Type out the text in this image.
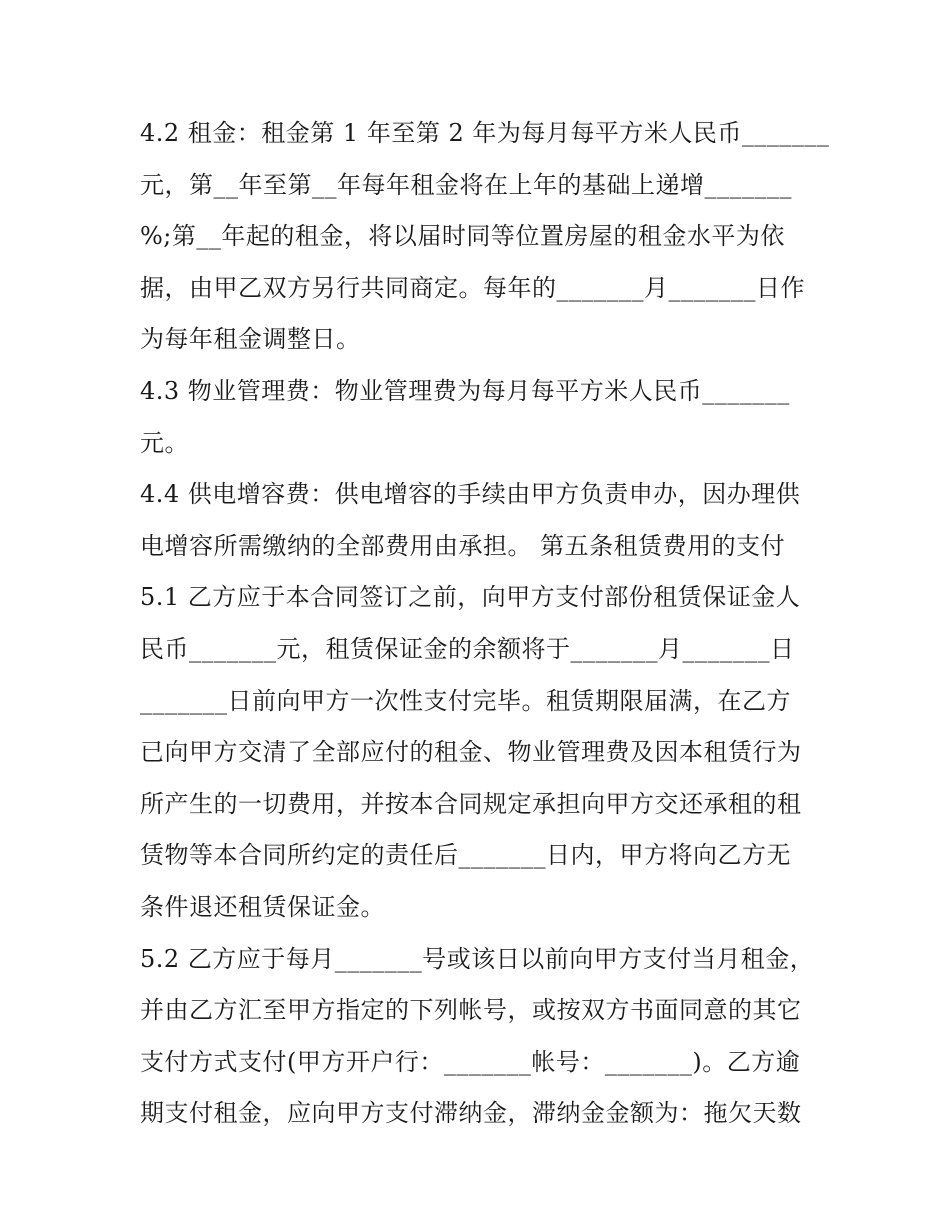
4.2 租金：租金第 1 年至第 2 年为每月每平方米人民币_______
元，第__年至第__年每年租金将在上年的基础上递增_______
%;第__年起的租金，将以届时同等位置房屋的租金水平为依
据，由甲乙双方另行共同商定。每年的_______月_______日作
为每年租金调整日。
4.3 物业管理费：物业管理费为每月每平方米人民币_______
元。
4.4 供电增容费：供电增容的手续由甲方负责申办，因办理供
电增容所需缴纳的全部费用由承担。 第五条租赁费用的支付
5.1 乙方应于本合同签订之前，向甲方支付部份租赁保证金人
民币_______元，租赁保证金的余额将于_______月_______日
_______日前向甲方一次性支付完毕。租赁期限届满，在乙方
已向甲方交清了全部应付的租金、物业管理费及因本租赁行为
所产生的一切费用，并按本合同规定承担向甲方交还承租的租
赁物等本合同所约定的责任后_______日内，甲方将向乙方无
条件退还租赁保证金。
5.2 乙方应于每月_______号或该日以前向甲方支付当月租金，
并由乙方汇至甲方指定的下列帐号，或按双方书面同意的其它
支付方式支付(甲方开户行：_______帐号：_______)。乙方逾
期支付租金，应向甲方支付滞纳金，滞纳金金额为：拖欠天数
